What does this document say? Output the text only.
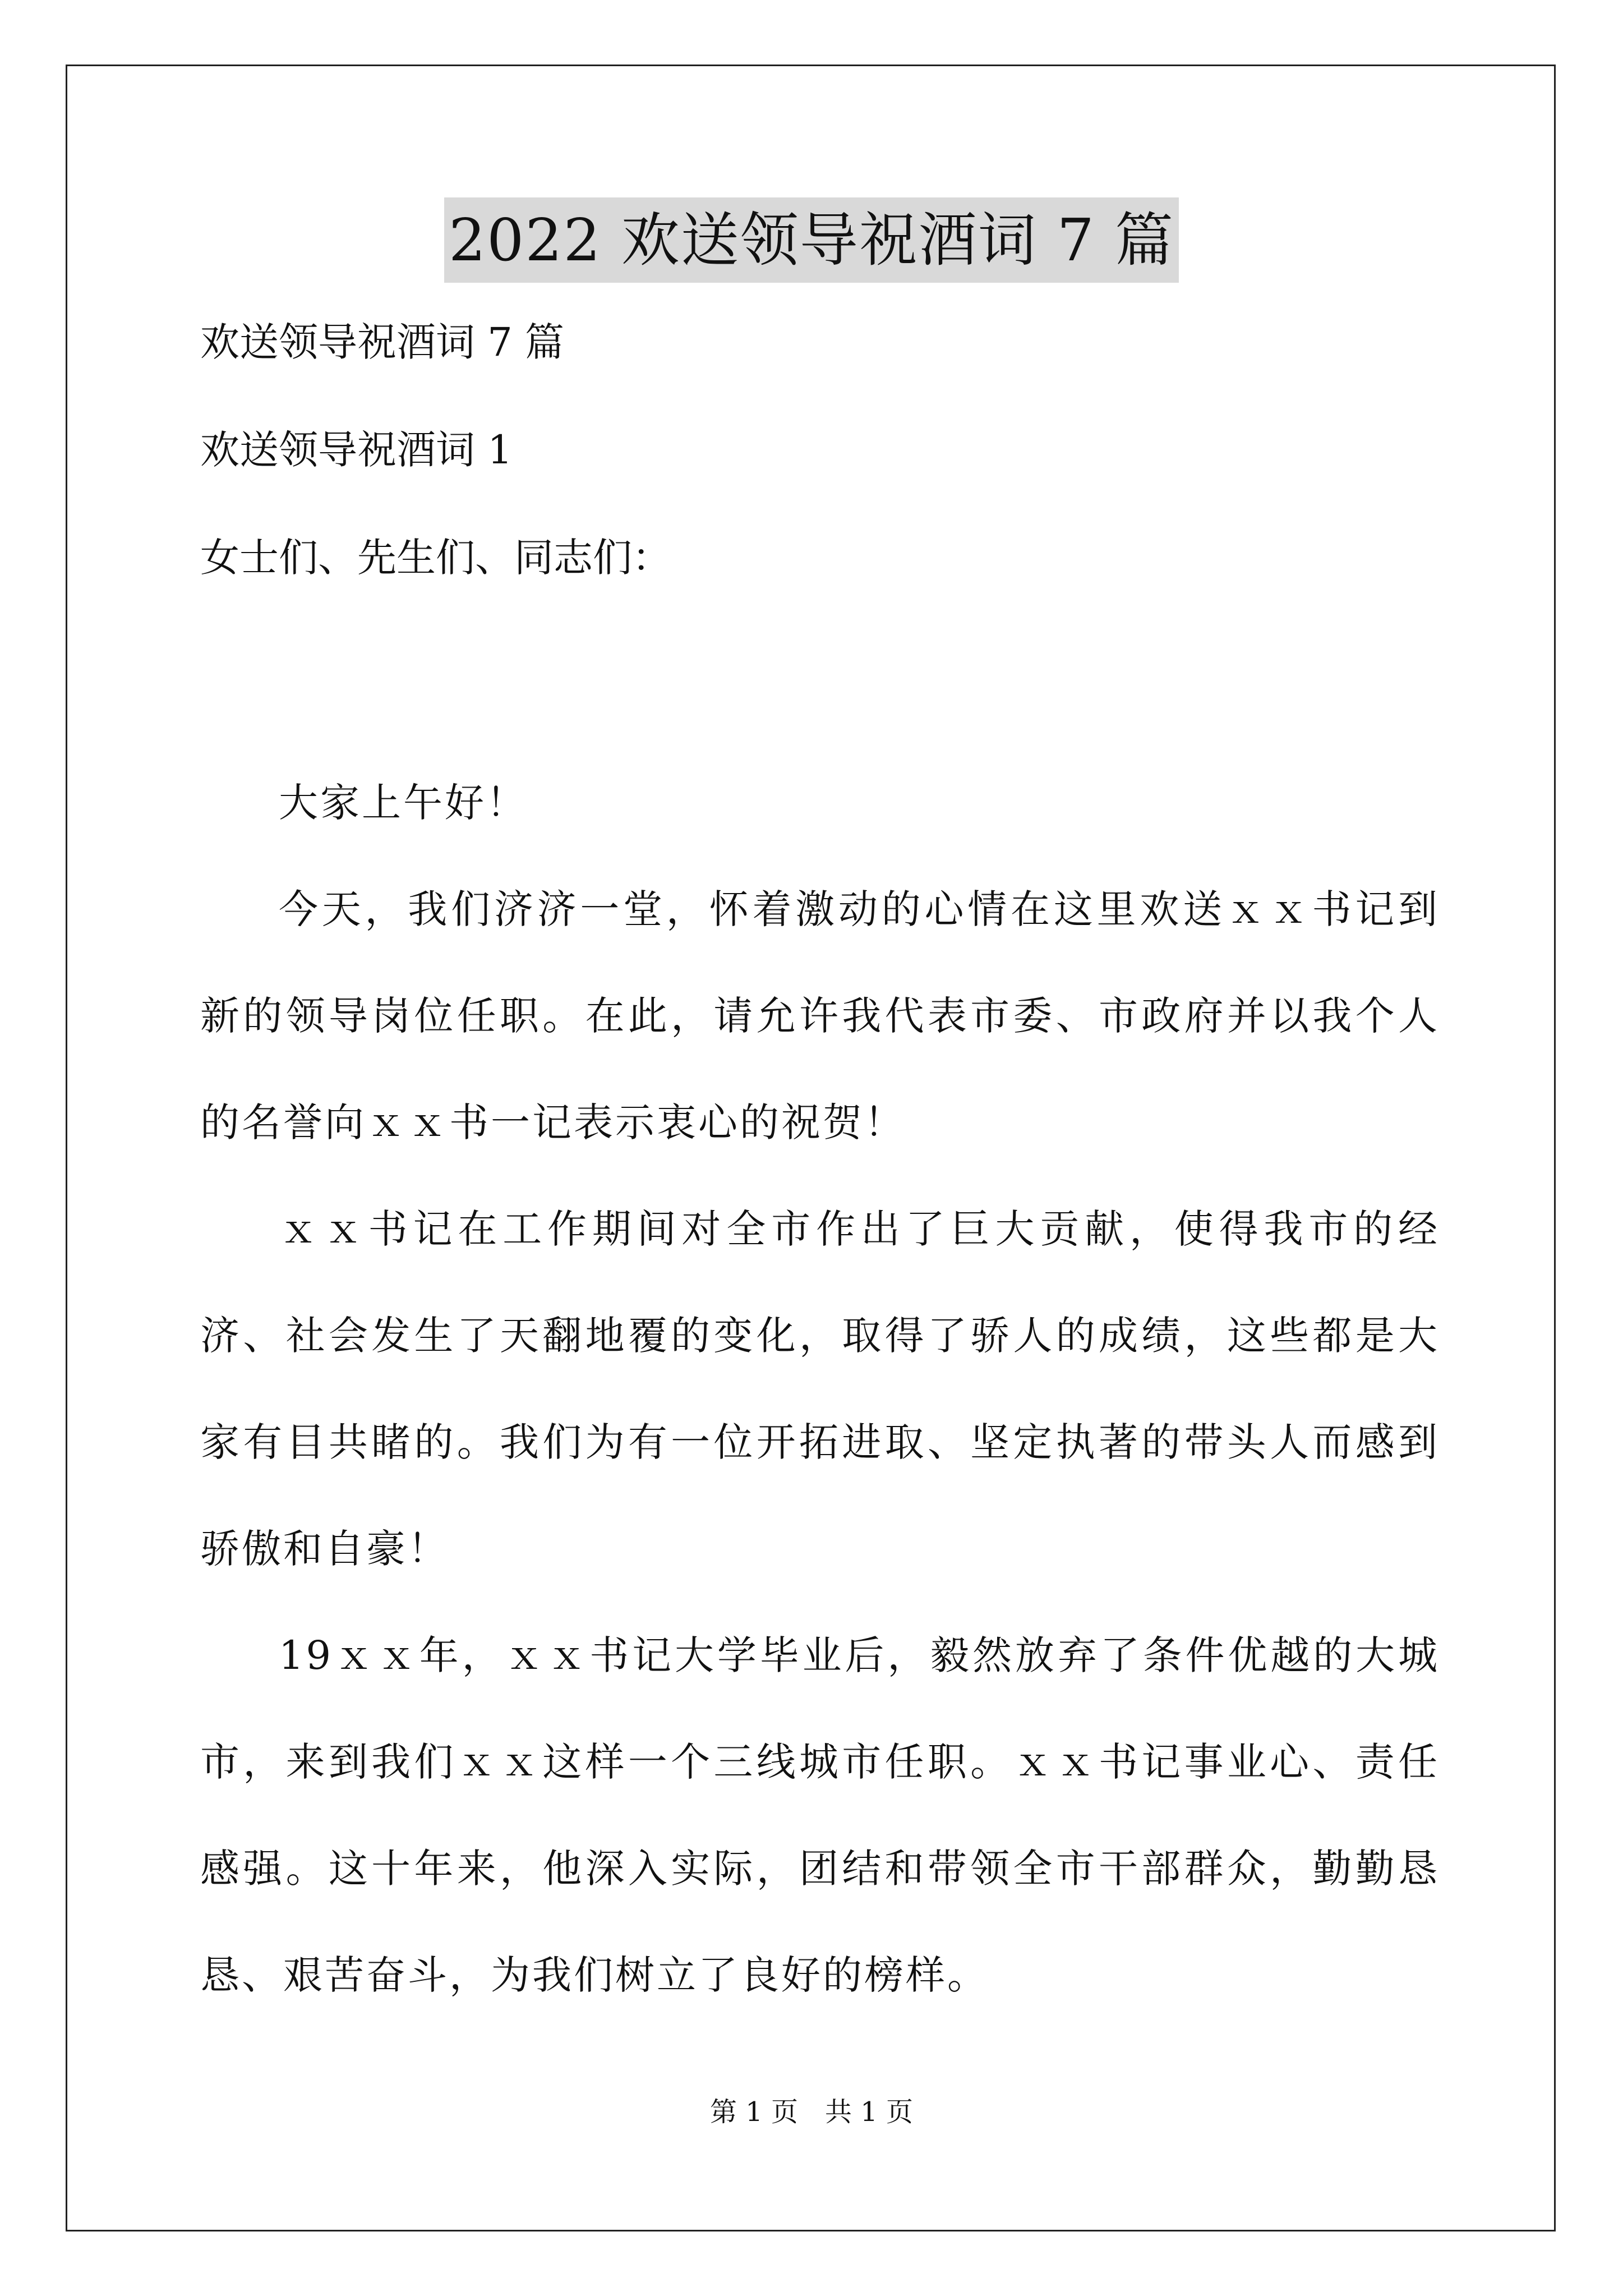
2022 欢送领导祝酒词 7 篇
欢送领导祝酒词 7 篇
欢送领导祝酒词 1
女士们、先生们、同志们：

大家上午好！

今天，我们济济一堂，怀着激动的心情在这里欢送ｘｘ书记到新的领导岗位任职。在此，请允许我代表市委、市政府并以我个人的名誉向ｘｘ书一记表示衷心的祝贺！

ｘｘ书记在工作期间对全市作出了巨大贡献，使得我市的经济、社会发生了天翻地覆的变化，取得了骄人的成绩，这些都是大家有目共睹的。我们为有一位开拓进取、坚定执著的带头人而感到骄傲和自豪！

19ｘｘ年，ｘｘ书记大学毕业后，毅然放弃了条件优越的大城市，来到我们ｘｘ这样一个三线城市任职。ｘｘ书记事业心、责任感强。这十年来，他深入实际，团结和带领全市干部群众，勤勤恳恳、艰苦奋斗，为我们树立了良好的榜样。

第 1 页　共 1 页
